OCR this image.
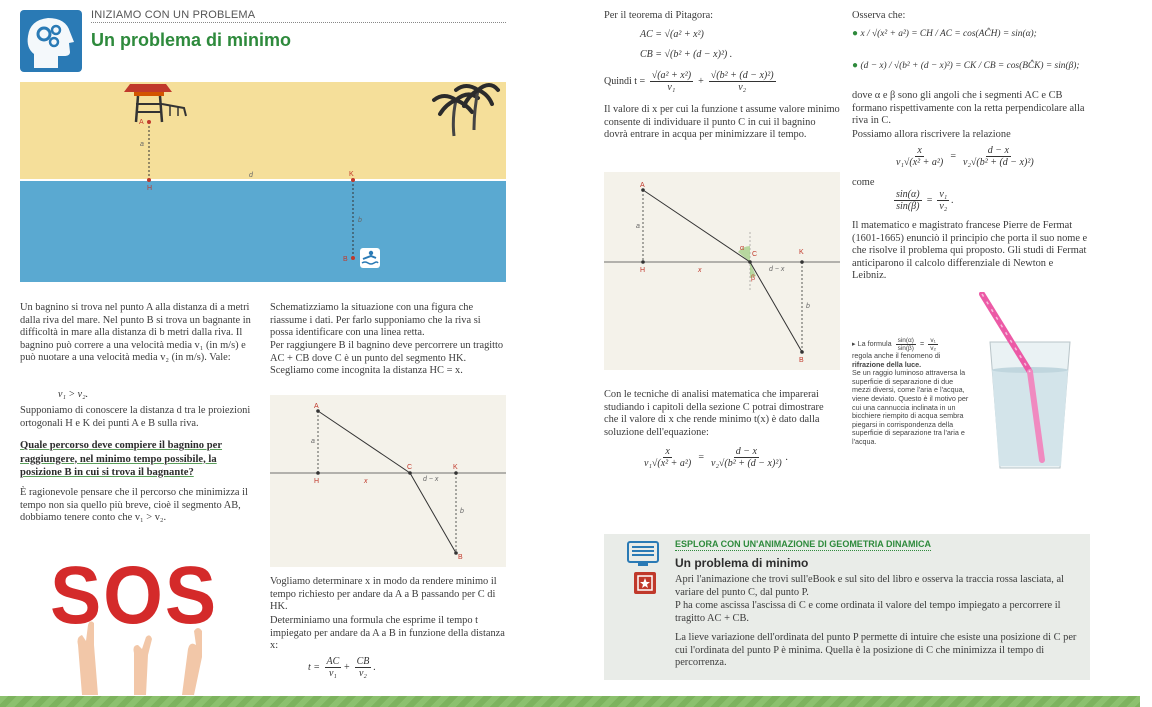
INIZIAMO CON UN PROBLEMA
Un problema di minimo
A
a
d
H
K
b
B
Un bagnino si trova nel punto A alla distanza di a metri dalla riva del mare. Nel punto B si trova un bagnante in difficoltà in mare alla distanza di b metri dalla riva. Il bagnino può correre a una velocità media v₁ (in m/s) e può nuotare a una velocità media v₂ (in m/s). Vale:
v₁ > v₂.
Supponiamo di conoscere la distanza d tra le proiezioni ortogonali H e K dei punti A e B sulla riva.
Quale percorso deve compiere il bagnino per raggiungere, nel minimo tempo possibile, la posizione B in cui si trova il bagnante?
È ragionevole pensare che il percorso che minimizza il tempo non sia quello più breve, cioè il segmento AB, dobbiamo tenere conto che v₁ > v₂.
SOS
Schematizziamo la situazione con una figura che riassume i dati. Per farlo supponiamo che la riva si possa identificare con una linea retta.
Per raggiungere B il bagnino deve percorrere un tragitto AC + CB dove C è un punto del segmento HK. Scegliamo come incognita la distanza HC = x.
A
a
H	x
C
d − x
K
b
B
Vogliamo determinare x in modo da rendere minimo il tempo richiesto per andare da A a B passando per C di HK.
Determiniamo una formula che esprime il tempo t impiegato per andare da A a B in funzione della distanza x:
$t = \frac{AC}{\text{v₁}} + \frac{CB}{\text{v₂}}$ .
Per il teorema di Pitagora:
AC = √(a² + x²)
CB = √(b² + (d − x)²) .
Quindi $t = \frac{\text{√(a² + x²)}}{\text{v₁}} + \frac{\text{√(b² + (d − x)²)}}{\text{v₂}}$
Il valore di x per cui la funzione t assume valore minimo consente di individuare il punto C in cui il bagnino dovrà entrare in acqua per minimizzare il tempo.
A
a
α
C	K
H	x	d − x
β
b
B
Con le tecniche di analisi matematica che imparerai studiando i capitoli della sezione C potrai dimostrare che il valore di x che rende minimo t(x) è dato dalla soluzione dell'equazione:
$\frac{x}{\text{v₁√(x² + a²)}} = \frac{d - x}{\text{v₂√(b² + (d − x)²)}}$ .
Osserva che:
● x / √(x² + a²) = CH / AC = cos(AĈH) = sin(α);
● (d − x) / √(b² + (d − x)²) = CK / CB = cos(BĈK) = sin(β);
dove α e β sono gli angoli che i segmenti AC e CB formano rispettivamente con la retta perpendicolare alla riva in C.
Possiamo allora riscrivere la relazione
$\frac{x}{\text{v₁√(x² + a²)}} = \frac{d - x}{\text{v₂√(b² + (d − x)²)}}$
come
$\frac{\sin(\alpha)}{\sin(\beta)} = \frac{\text{v₁}}{\text{v₂}}$ .
Il matematico e magistrato francese Pierre de Fermat (1601-1665) enunciò il principio che porta il suo nome e che risolve il problema qui proposto. Gli studi di Fermat anticiparono il calcolo differenziale di Newton e Leibniz.
▸ La formula $\frac{\sin(\alpha)}{\sin(\beta)} = \frac{\text{v₁}}{\text{v₂}}$
regola anche il fenomeno di
rifrazione della luce.
Se un raggio luminoso attraversa la superficie di separazione di due mezzi diversi, come l'aria e l'acqua, viene deviato. Questo è il motivo per cui una cannuccia inclinata in un bicchiere riempito di acqua sembra piegarsi in corrispondenza della superficie di separazione tra l'aria e l'acqua.
ESPLORA CON UN'ANIMAZIONE DI GEOMETRIA DINAMICA
Un problema di minimo
Apri l'animazione che trovi sull'eBook e sul sito del libro e osserva la traccia rossa lasciata, al variare del punto C, dal punto P.
P ha come ascissa l'ascissa di C e come ordinata il valore del tempo impiegato a percorrere il tragitto AC + CB.
La lieve variazione dell'ordinata del punto P permette di intuire che esiste una posizione di C per cui l'ordinata del punto P è minima. Quella è la posizione di C che minimizza il tempo di percorrenza.
